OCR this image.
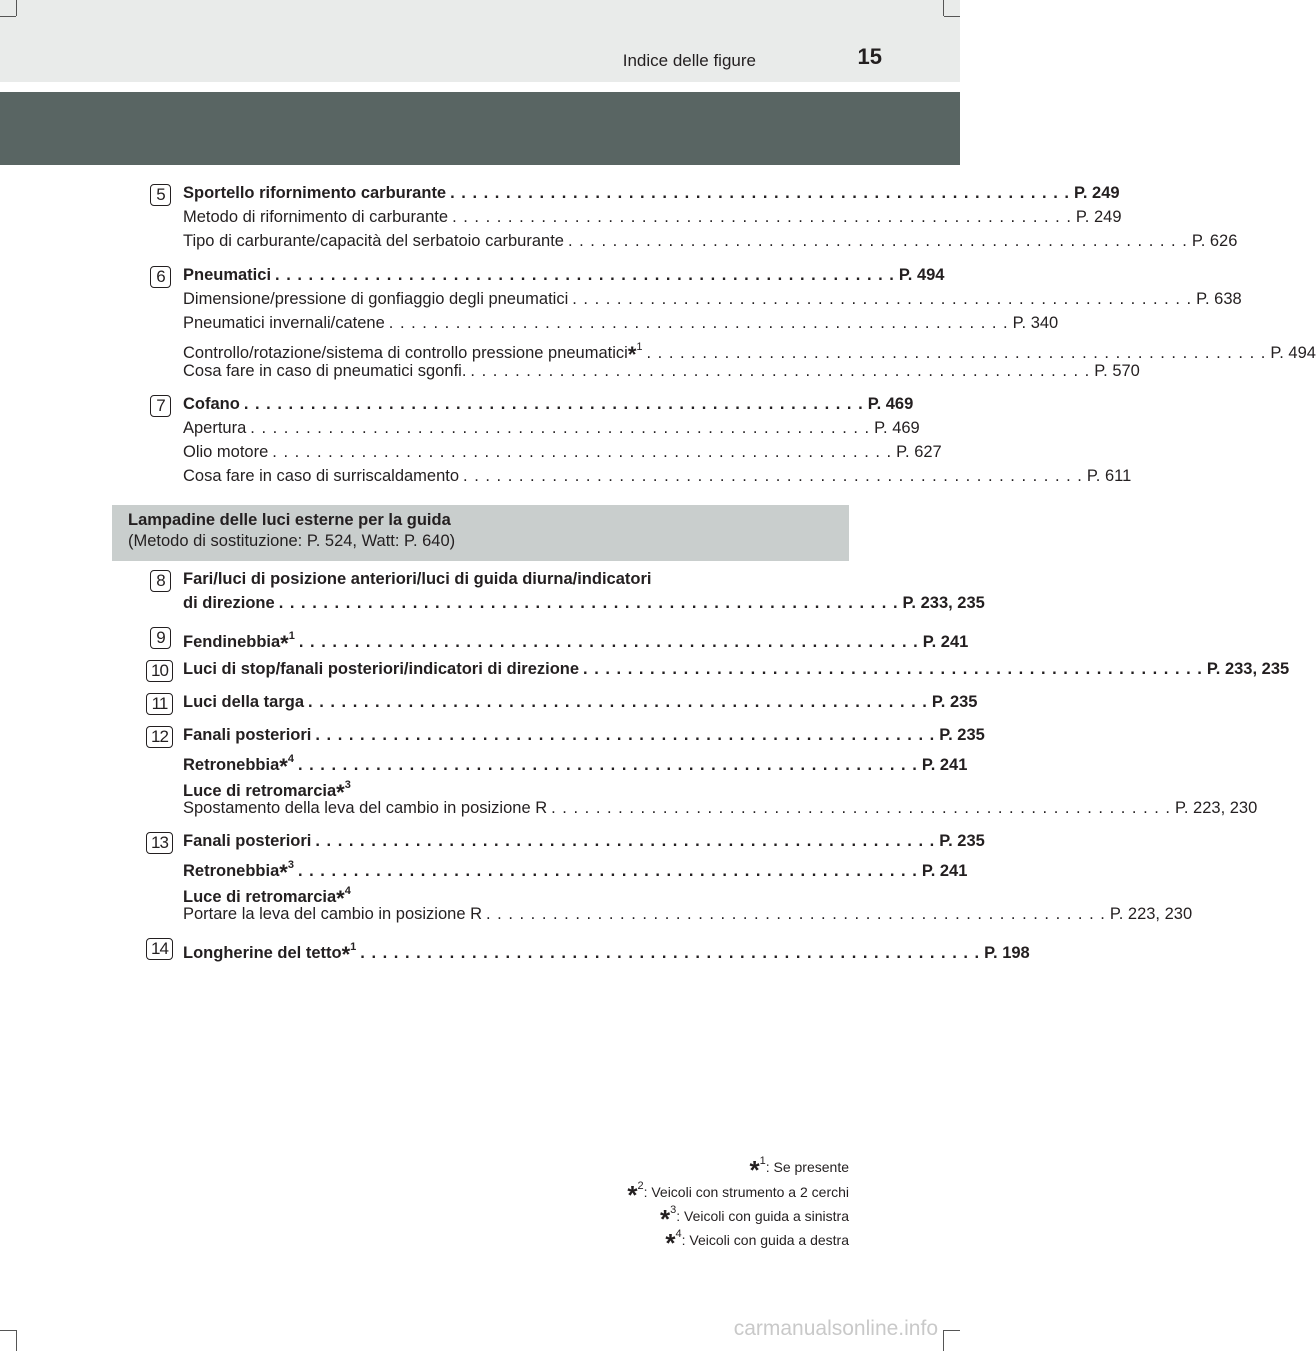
Indice delle figure	15
5	Sportello rifornimento carburante . . . . . . . . . . . . . . . . . . . . . . . . . . . . . . . . . . . . . . . . . . . . . . . . . . . . . . . . P. 249
Metodo di rifornimento di carburante . . . . . . . . . . . . . . . . . . . . . . . . . . . . . . . . . . . . . . . . . . . . . . . . . . . . . . . . P. 249
Tipo di carburante/capacità del serbatoio carburante . . . . . . . . . . . . . . . . . . . . . . . . . . . . . . . . . . . . . . . . . . . . . . . . . . . . . . . . P. 626
6	Pneumatici . . . . . . . . . . . . . . . . . . . . . . . . . . . . . . . . . . . . . . . . . . . . . . . . . . . . . . . . P. 494
Dimensione/pressione di gonfiaggio degli pneumatici . . . . . . . . . . . . . . . . . . . . . . . . . . . . . . . . . . . . . . . . . . . . . . . . . . . . . . . . P. 638
Pneumatici invernali/catene . . . . . . . . . . . . . . . . . . . . . . . . . . . . . . . . . . . . . . . . . . . . . . . . . . . . . . . . P. 340
Controllo/rotazione/sistema di controllo pressione pneumatici*$^1$ . . . . . . . . . . . . . . . . . . . . . . . . . . . . . . . . . . . . . . . . . . . . . . . . . . . . . . . . P. 494
Cosa fare in caso di pneumatici sgonfi. . . . . . . . . . . . . . . . . . . . . . . . . . . . . . . . . . . . . . . . . . . . . . . . . . . . . . . . . P. 570
7	Cofano . . . . . . . . . . . . . . . . . . . . . . . . . . . . . . . . . . . . . . . . . . . . . . . . . . . . . . . . P. 469
Apertura . . . . . . . . . . . . . . . . . . . . . . . . . . . . . . . . . . . . . . . . . . . . . . . . . . . . . . . . P. 469
Olio motore . . . . . . . . . . . . . . . . . . . . . . . . . . . . . . . . . . . . . . . . . . . . . . . . . . . . . . . . P. 627
Cosa fare in caso di surriscaldamento . . . . . . . . . . . . . . . . . . . . . . . . . . . . . . . . . . . . . . . . . . . . . . . . . . . . . . . . P. 611
Lampadine delle luci esterne per la guida
(Metodo di sostituzione: P. 524, Watt: P. 640)
8	Fari/luci di posizione anteriori/luci di guida diurna/indicatori
di direzione . . . . . . . . . . . . . . . . . . . . . . . . . . . . . . . . . . . . . . . . . . . . . . . . . . . . . . . . P. 233, 235
9	Fendinebbia*$^1$ . . . . . . . . . . . . . . . . . . . . . . . . . . . . . . . . . . . . . . . . . . . . . . . . . . . . . . . . P. 241
10 Luci di stop/fanali posteriori/indicatori di direzione . . . . . . . . . . . . . . . . . . . . . . . . . . . . . . . . . . . . . . . . . . . . . . . . . . . . . . . . P. 233, 235
11 Luci della targa . . . . . . . . . . . . . . . . . . . . . . . . . . . . . . . . . . . . . . . . . . . . . . . . . . . . . . . . P. 235
12 Fanali posteriori . . . . . . . . . . . . . . . . . . . . . . . . . . . . . . . . . . . . . . . . . . . . . . . . . . . . . . . . P. 235
Retronebbia*$^4$ . . . . . . . . . . . . . . . . . . . . . . . . . . . . . . . . . . . . . . . . . . . . . . . . . . . . . . . . P. 241
Luce di retromarcia*$^3$
Spostamento della leva del cambio in posizione R . . . . . . . . . . . . . . . . . . . . . . . . . . . . . . . . . . . . . . . . . . . . . . . . . . . . . . . . P. 223, 230
13 Fanali posteriori . . . . . . . . . . . . . . . . . . . . . . . . . . . . . . . . . . . . . . . . . . . . . . . . . . . . . . . . P. 235
Retronebbia*$^3$ . . . . . . . . . . . . . . . . . . . . . . . . . . . . . . . . . . . . . . . . . . . . . . . . . . . . . . . . P. 241
Luce di retromarcia*$^4$
Portare la leva del cambio in posizione R . . . . . . . . . . . . . . . . . . . . . . . . . . . . . . . . . . . . . . . . . . . . . . . . . . . . . . . . P. 223, 230
14 Longherine del tetto*$^1$ . . . . . . . . . . . . . . . . . . . . . . . . . . . . . . . . . . . . . . . . . . . . . . . . . . . . . . . . P. 198
*$^1$: Se presente
*$^2$: Veicoli con strumento a 2 cerchi
*$^3$: Veicoli con guida a sinistra
*$^4$: Veicoli con guida a destra
carmanualsonline.info
